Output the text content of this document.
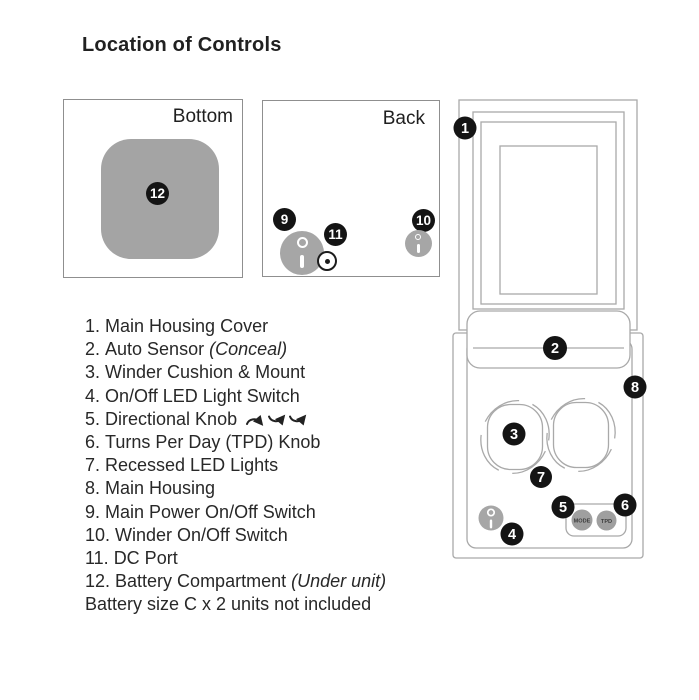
Location of Controls
Bottom
12
Back
9
11
10
MODE TPD
1
2
3
4
5	6
7
8
1. Main Housing Cover
2. Auto Sensor (Conceal)
3. Winder Cushion & Mount
4. On/Off LED Light Switch
5. Directional Knob
6. Turns Per Day (TPD) Knob
7. Recessed LED Lights
8. Main Housing
9. Main Power On/Off Switch
10. Winder On/Off Switch
11. DC Port
12. Battery Compartment (Under unit)
Battery size C x 2 units not included
